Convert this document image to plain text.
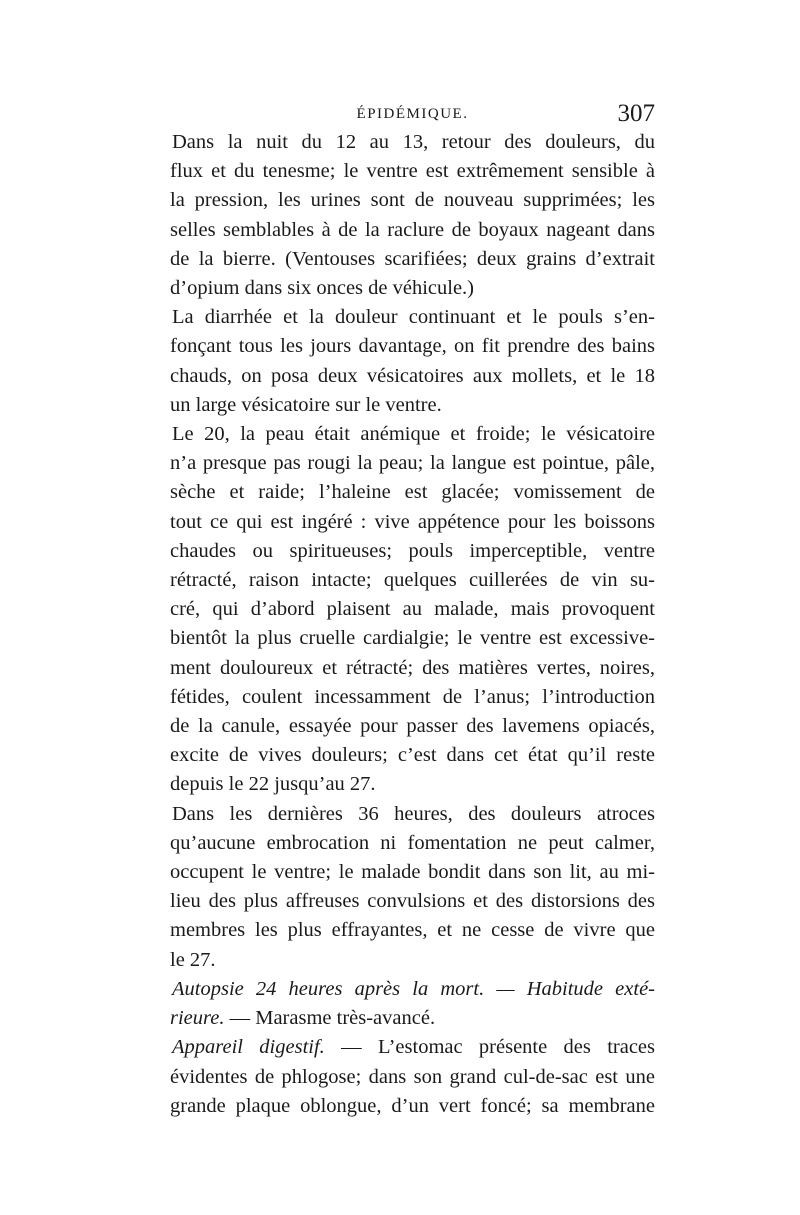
ÉPIDÉMIQUE.	307

Dans la nuit du 12 au 13, retour des douleurs, du
flux et du tenesme; le ventre est extrêmement sensible à
la pression, les urines sont de nouveau supprimées; les
selles semblables à de la raclure de boyaux nageant dans
de la bierre. (Ventouses scarifiées; deux grains d’extrait
d’opium dans six onces de véhicule.)

La diarrhée et la douleur continuant et le pouls s’en-
fonçant tous les jours davantage, on fit prendre des bains
chauds, on posa deux vésicatoires aux mollets, et le 18
un large vésicatoire sur le ventre.

Le 20, la peau était anémique et froide; le vésicatoire
n’a presque pas rougi la peau; la langue est pointue, pâle,
sèche et raide; l’haleine est glacée; vomissement de
tout ce qui est ingéré : vive appétence pour les boissons
chaudes ou spiritueuses; pouls imperceptible, ventre
rétracté, raison intacte; quelques cuillerées de vin su-
cré, qui d’abord plaisent au malade, mais provoquent
bientôt la plus cruelle cardialgie; le ventre est excessive-
ment douloureux et rétracté; des matières vertes, noires,
fétides, coulent incessamment de l’anus; l’introduction
de la canule, essayée pour passer des lavemens opiacés,
excite de vives douleurs; c’est dans cet état qu’il reste
depuis le 22 jusqu’au 27.

Dans les dernières 36 heures, des douleurs atroces
qu’aucune embrocation ni fomentation ne peut calmer,
occupent le ventre; le malade bondit dans son lit, au mi-
lieu des plus affreuses convulsions et des distorsions des
membres les plus effrayantes, et ne cesse de vivre que
le 27.

Autopsie 24 heures après la mort. — Habitude exté-
rieure. — Marasme très-avancé.

Appareil digestif. — L’estomac présente des traces
évidentes de phlogose; dans son grand cul-de-sac est une
grande plaque oblongue, d’un vert foncé; sa membrane
